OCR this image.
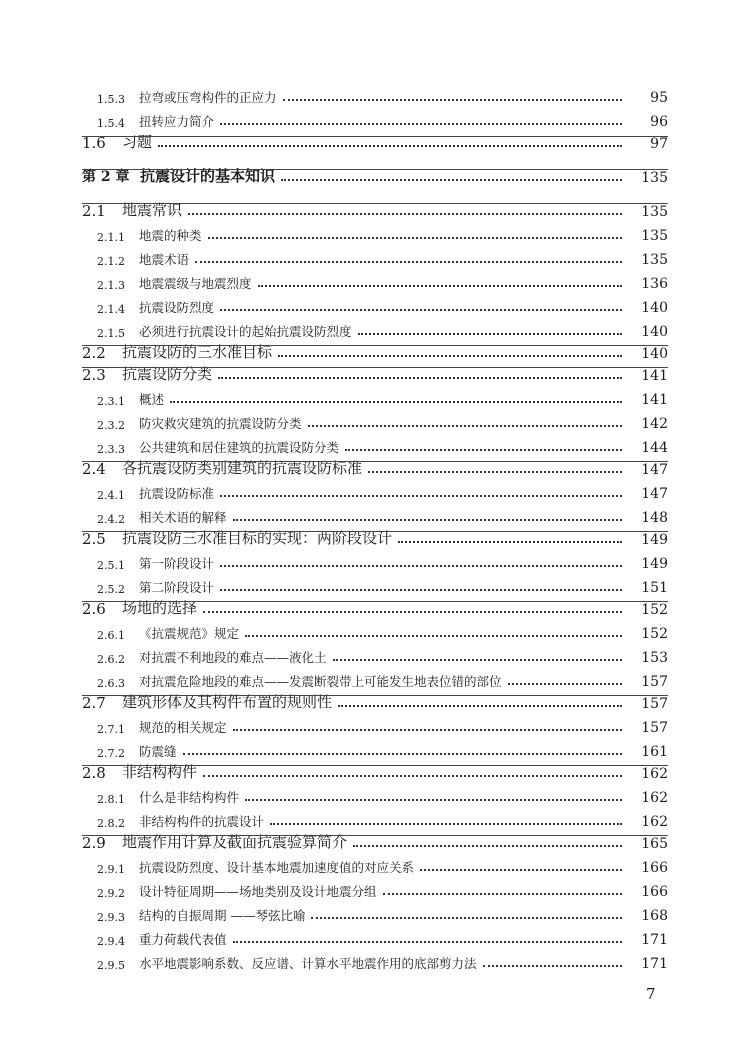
1.5.3	拉弯或压弯构件的正应力	95
1.5.4	扭转应力简介	96
1.6	习题	97
第 2 章 抗震设计的基本知识	135
2.1	地震常识	135
2.1.1	地震的种类	135
2.1.2	地震术语	135
2.1.3	地震震级与地震烈度	136
2.1.4	抗震设防烈度	140
2.1.5	必须进行抗震设计的起始抗震设防烈度	140
2.2	抗震设防的三水准目标	140
2.3	抗震设防分类	141
2.3.1	概述	141
2.3.2	防灾救灾建筑的抗震设防分类	142
2.3.3	公共建筑和居住建筑的抗震设防分类	144
2.4	各抗震设防类别建筑的抗震设防标准	147
2.4.1	抗震设防标准	147
2.4.2	相关术语的解释	148
2.5	抗震设防三水准目标的实现：两阶段设计	149
2.5.1	第一阶段设计	149
2.5.2	第二阶段设计	151
2.6	场地的选择	152
2.6.1	《抗震规范》规定	152
2.6.2	对抗震不利地段的难点——液化土	153
2.6.3	对抗震危险地段的难点——发震断裂带上可能发生地表位错的部位	157
2.7	建筑形体及其构件布置的规则性	157
2.7.1	规范的相关规定	157
2.7.2	防震缝	161
2.8	非结构构件	162
2.8.1	什么是非结构构件	162
2.8.2	非结构构件的抗震设计	162
2.9	地震作用计算及截面抗震验算简介	165
2.9.1	抗震设防烈度、设计基本地震加速度值的对应关系	166
2.9.2	设计特征周期——场地类别及设计地震分组	166
2.9.3	结构的自振周期 ——琴弦比喻	168
2.9.4	重力荷载代表值	171
2.9.5	水平地震影响系数、反应谱、计算水平地震作用的底部剪力法	171
7
